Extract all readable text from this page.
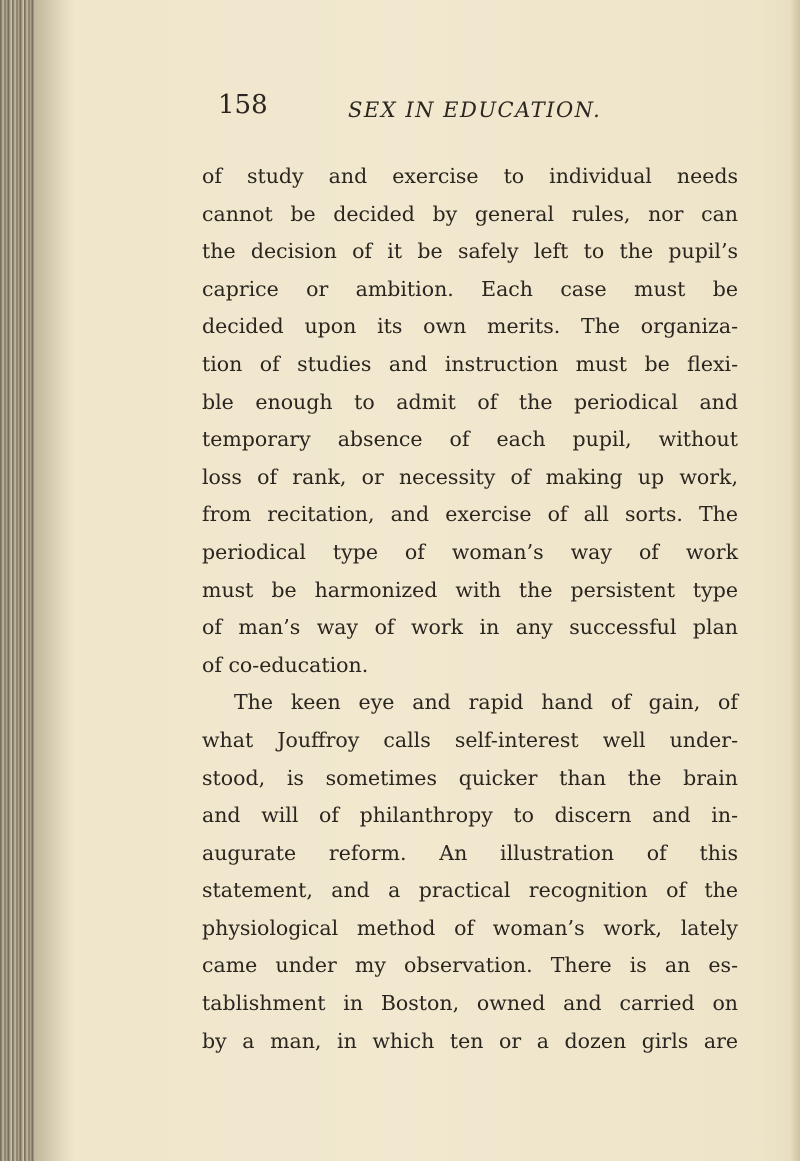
158	SEX IN EDUCATION.
of study and exercise to individual needs
cannot be decided by general rules, nor can
the decision of it be safely left to the pupil’s
caprice or ambition. Each case must be
decided upon its own merits. The organiza-
tion of studies and instruction must be flexi-
ble enough to admit of the periodical and
temporary absence of each pupil, without
loss of rank, or necessity of making up work,
from recitation, and exercise of all sorts. The
periodical type of woman’s way of work
must be harmonized with the persistent type
of man’s way of work in any successful plan
of co-education.
The keen eye and rapid hand of gain, of
what Jouffroy calls self-interest well under-
stood, is sometimes quicker than the brain
and will of philanthropy to discern and in-
augurate reform. An illustration of this
statement, and a practical recognition of the
physiological method of woman’s work, lately
came under my observation. There is an es-
tablishment in Boston, owned and carried on
by a man, in which ten or a dozen girls are
